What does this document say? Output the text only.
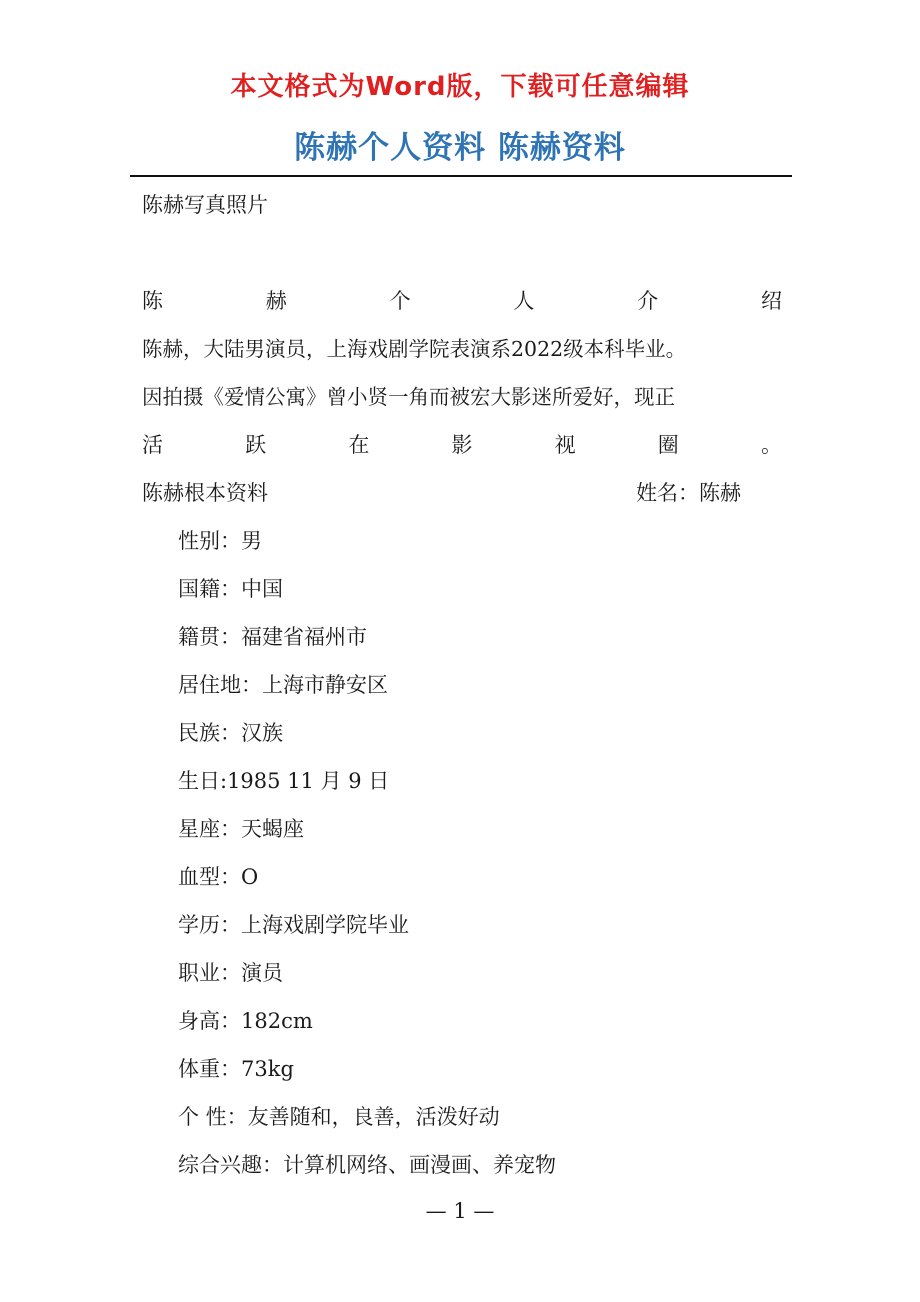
本文格式为Word版，下载可任意编辑
陈赫个人资料 陈赫资料
陈赫写真照片
陈	赫	个	人	介	绍
陈赫，大陆男演员，上海戏剧学院表演系2022级本科毕业。
因拍摄《爱情公寓》曾小贤一角而被宏大影迷所爱好，现正
活	跃	在	影	视	圈	。
陈赫根本资料	姓名：陈赫
性别：男
国籍：中国
籍贯：福建省福州市
居住地：上海市静安区
民族：汉族
生日:1985 11 月 9 日
星座：天蝎座
血型：O
学历：上海戏剧学院毕业
职业：演员
身高：182cm
体重：73kg
个 性：友善随和，良善，活泼好动
综合兴趣：计算机网络、画漫画、养宠物
— 1 —
